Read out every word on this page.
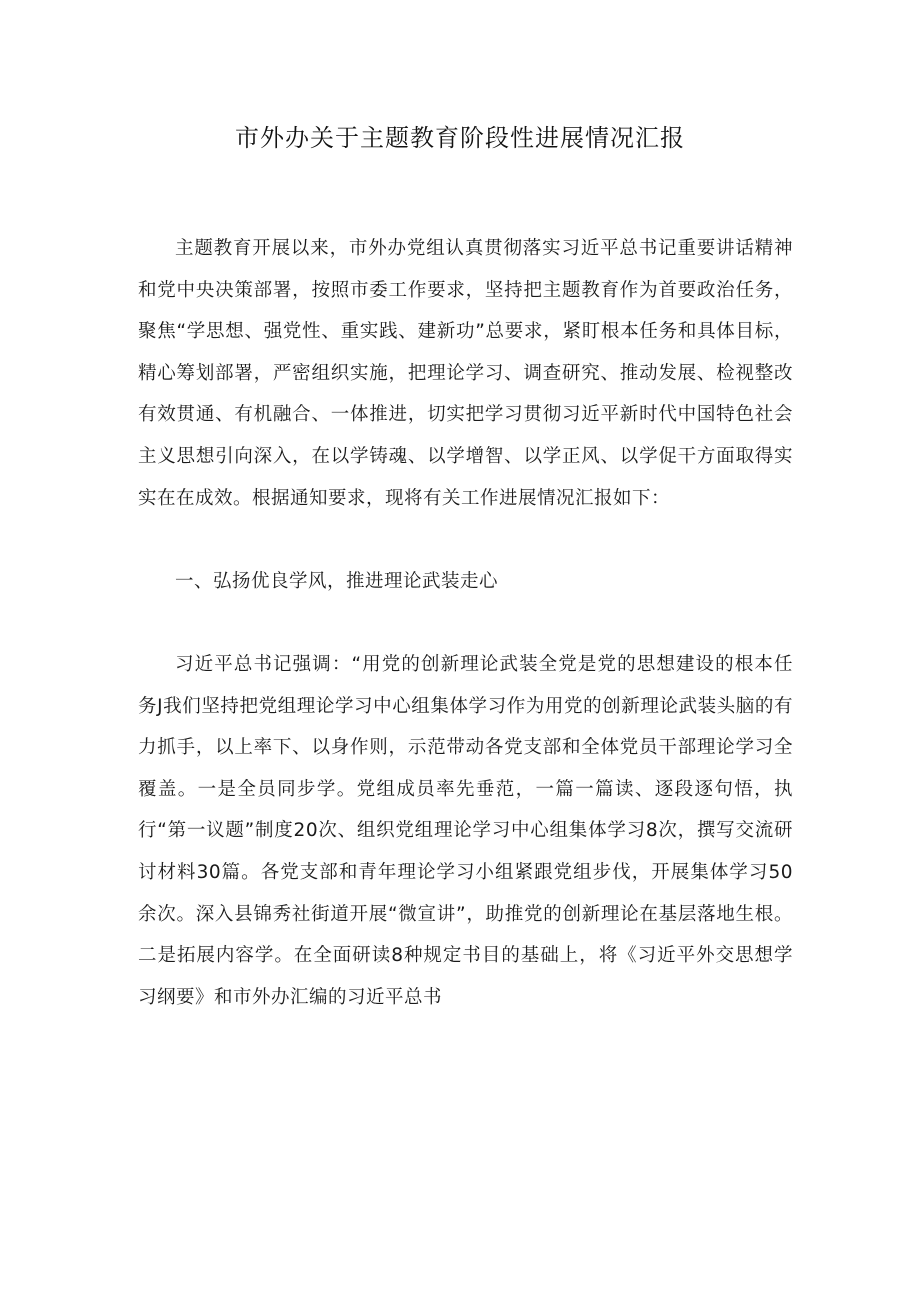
市外办关于主题教育阶段性进展情况汇报

主题教育开展以来，市外办党组认真贯彻落实习近平总书记重要讲话精神和党中央决策部署，按照市委工作要求，坚持把主题教育作为首要政治任务，聚焦“学思想、强党性、重实践、建新功”总要求，紧盯根本任务和具体目标，精心筹划部署，严密组织实施，把理论学习、调查研究、推动发展、检视整改有效贯通、有机融合、一体推进，切实把学习贯彻习近平新时代中国特色社会主义思想引向深入，在以学铸魂、以学增智、以学正风、以学促干方面取得实实在在成效。根据通知要求，现将有关工作进展情况汇报如下：

一、弘扬优良学风，推进理论武装走心

习近平总书记强调：“用党的创新理论武装全党是党的思想建设的根本任务J我们坚持把党组理论学习中心组集体学习作为用党的创新理论武装头脑的有力抓手，以上率下、以身作则，示范带动各党支部和全体党员干部理论学习全覆盖。一是全员同步学。党组成员率先垂范，一篇一篇读、逐段逐句悟，执行“第一议题”制度20次、组织党组理论学习中心组集体学习8次，撰写交流研讨材料30篇。各党支部和青年理论学习小组紧跟党组步伐，开展集体学习50余次。深入县锦秀社街道开展“微宣讲”，助推党的创新理论在基层落地生根。二是拓展内容学。在全面研读8种规定书目的基础上，将《习近平外交思想学习纲要》和市外办汇编的习近平总书
